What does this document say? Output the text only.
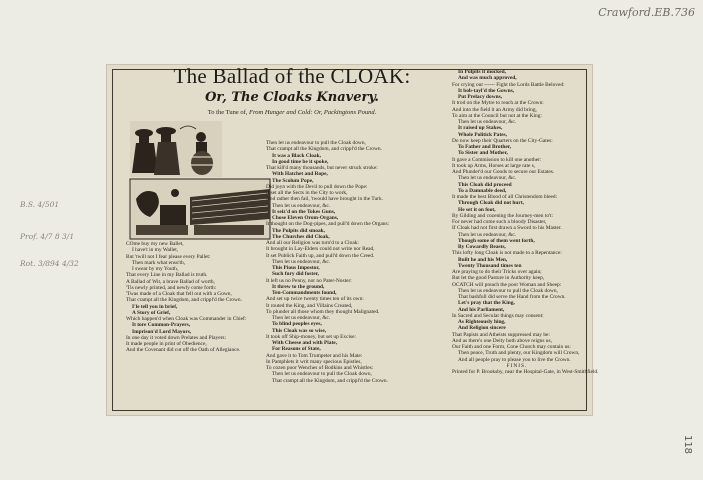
Crawford.EB.736
B.S. 4/501
Prof. 4/7 8 3/1
Rot. 3/894 4/32
118
The Ballad of the CLOAK:
Or, The Cloaks Knavery.
To the Tune of, From Hunger and Cold: Or, Packingtons Pound.
COme buy my new Ballet,
I have't in my Wallet,
But 'twill not I fear please every Pallet:
Then mark what ensu'th,
I swear by my Youth,
That every Line in my Ballad is truth.
A Ballad of Wit, a brave Ballad of worth,
'Tis newly printed, and newly come forth:
'Twas made of a Cloak that fell out with a Gown,
That crampt all the Kingdom, and crippl'd the Crown.
I'le tell you in brief,
A Story of Grief,
Which happen'd when Cloak was Commander in Chief:
It tore Common-Prayers,
Imprison'd Lord Mayors,
In one day it voted down Prelates and Players:
It made people in print of Obedience,
And the Covenant did cut off the Oath of Allegiance.
Then let us endeavour to pull the Cloak down,
That crampt all the Kingdom, and crippl'd the Crown.
It was a Black Cloak,
In good time be it spoke,
That kill'd many thousands, but never struck stroke:
With Hatchet and Rope,
The Scolum Pope,
Did joyn with the Devil to pull down the Pope:
It set all the Sects in the City to work,
And rather then fail, 'twould have brought in the Turk.
Then let us endeavour, &c.
It seiz'd on the Tokes Guns,
Chose Eleven Orom-Organs,
It thought on the Dog-pipes, and pull'd down the Organs:
The Pulpits did smoak,
The Churches did Cloak,
And all our Religion was turn'd to a Cloak:
It brought in Lay-Elders could not write nor Read,
It set Publick Faith up, and pull'd down the Creed.
Then let us endeavour, &c.
This Pious Impostor,
Such fury did foster,
It left us no Penny, nor no Pater-Noster:
It threw to the ground,
Ten-Commandments found,
And set up twice twenty times ten of its own:
It routed the King, and Villains Created,
To plunder all those whom they thought Malignated.
Then let us endeavour, &c.
To blind peoples eyes,
This Cloak was so wise,
It took off Ship-money, but set up Excise:
With Cheese and with Plate,
For Reasons of State,
And gave it to Tom Trumpeter and his Mate:
In Pamphlets it writ many specious Epistles,
To cozen poor Wenches of Bodkins and Whistles:
Then let us endeavour to pull the Cloak down,
That crampt all the Kingdom, and crippl'd the Crown.
In Pulpits it mocked,
And was much approved,
For crying out ------ Fight the Lords Battle Beloved:
It bob-tayl'd the Gowns,
Put Prelacy downs,
It trod on the Mytre to reach at the Crown:
And into the field it an Army did bring,
To aim at the Council but not at the King:
Then let us endeavour, &c.
It raised up Stakes,
Whole Politick Pates,
Do now keep their Quarters on the City-Gates:
To Father and Brother,
To Sister and Mother,
It gave a Commission to kill one another:
It took up Arms, Horses at large rate s,
And Plunder'd our Goods to secure our Estates.
Then let us endeavour, &c.
This Cloak did proceed
To a Damnable deed,
It made the best Blood of all Christendom bleed:
Through Cloak did not hurt,
He set it on foot,
By Gilding and cozening the Journey-men to't:
For never had come such a bloody Disaster,
If Cloak had not first drawn a Sword to his Master.
Then let us endeavour, &c.
Though some of them went forth,
By Cowardly Beasts,
This lofty long Cloak is not made to a Repentance:
Built he and his Men,
Twenty Thousand times ten
Are praying to do their Tricks over again;
But let the good Pasture in Authority keep,
OCATCH will preach the poor Woman and Sheep:
Then let us endeavour to pull the Cloak down,
That bashfull did serve the Hand from the Crown.
Let's pray that the King,
And his Parliament,
In Sacred and Secular things may consent:
As Righteously hing,
And Religion sincere
That Papists and Atheists suppressed may be:
And as there's one Deity both above reigns us,
Our Faith and one Form, Cone Church may contain us:
Then peace, Truth and plenty, our Kingdom will Crown,
And all people pray to please you to live the Crown.
FINIS.
Printed for P. Brooksby, near the Hospital-Gate, in West-Smithfield.
